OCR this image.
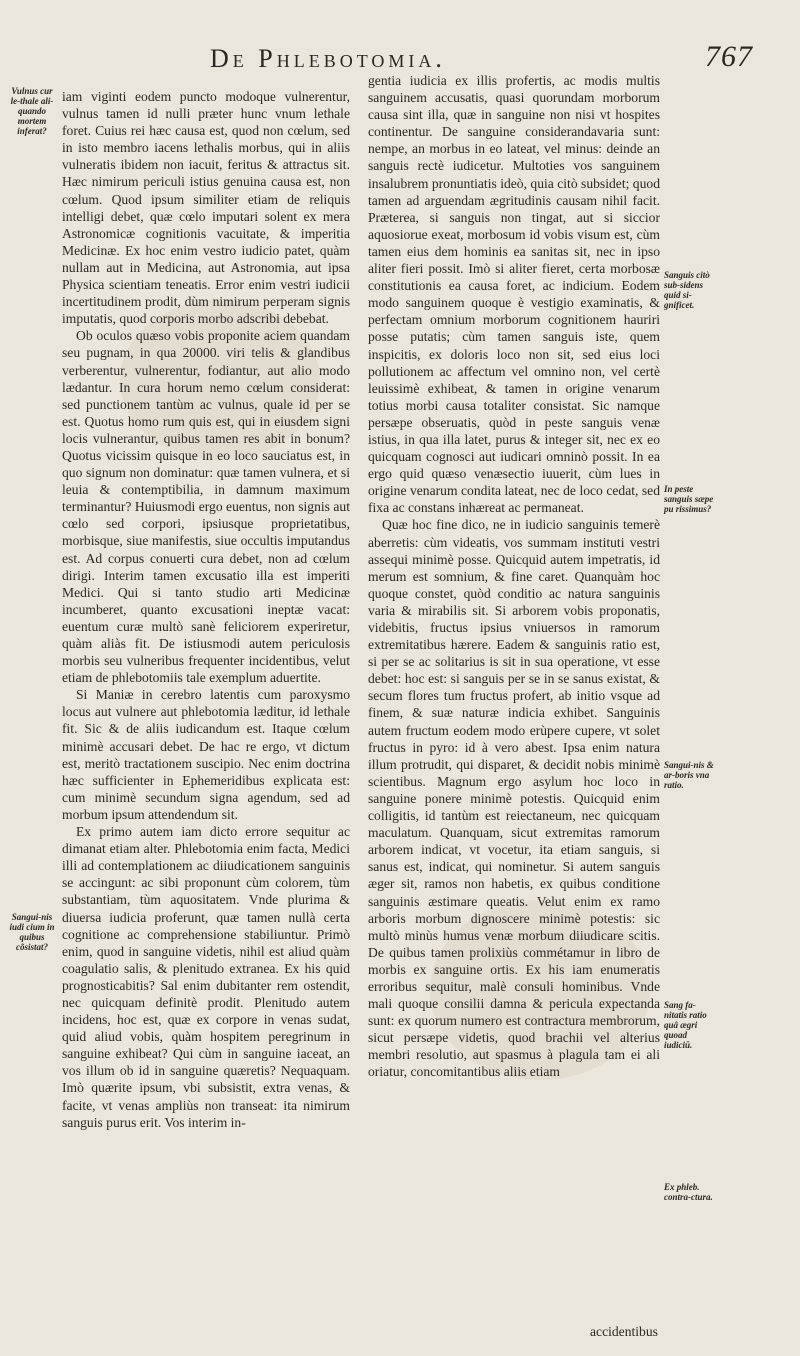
De Phlebotomia.	767
Vulnus cur le-thale ali-quando mortem inferat?
Sangui-nis iudi cium in quibus cõsistat?
Sanguis citò sub-sidens quid si-gnificet.
In peste sanguis sæpe pu rissimus?
Sangui-nis & ar-boris vna ratio.
Sang fa-nitatis ratio quâ ægri quoad iudiciū.
Ex phleb. contra-ctura.

iam viginti eodem puncto modoque vulnerentur, vulnus tamen id nulli præter hunc vnum lethale foret. Cuius rei hæc causa est, quod non cœlum, sed in isto membro iacens lethalis morbus, qui in aliis vulneratis ibidem non iacuit, feritus & attractus sit. Hæc nimirum periculi istius genuina causa est, non cœlum. Quod ipsum similiter etiam de reliquis intelligi debet, quæ cœlo imputari solent ex mera Astronomicæ cognitionis vacuitate, & imperitia Medicinæ. Ex hoc enim vestro iudicio patet, quàm nullam aut in Medicina, aut Astronomia, aut ipsa Physica scientiam teneatis. Error enim vestri iudicii incertitudinem prodit, dùm nimirum perperam signis imputatis, quod corporis morbo adscribi debebat.

Ob oculos quæso vobis proponite aciem quandam seu pugnam, in qua 20000. viri telis & glandibus verberentur, vulnerentur, fodiantur, aut alio modo lædantur. In cura horum nemo cœlum considerat: sed punctionem tantùm ac vulnus, quale id per se est. Quotus homo rum quis est, qui in eiusdem signi locis vulnerantur, quibus tamen res abit in bonum? Quotus vicissim quisque in eo loco sauciatus est, in quo signum non dominatur: quæ tamen vulnera, et si leuia & contemptibilia, in damnum maximum terminantur? Huiusmodi ergo euentus, non signis aut cœlo sed corpori, ipsiusque proprietatibus, morbisque, siue manifestis, siue occultis imputandus est. Ad corpus conuerti cura debet, non ad cœlum dirigi. Interim tamen excusatio illa est imperiti Medici. Qui si tanto studio arti Medicinæ incumberet, quanto excusationi ineptæ vacat: euentum curæ multò sanè feliciorem experiretur, quàm aliàs fit. De istiusmodi autem periculosis morbis seu vulneribus frequenter incidentibus, velut etiam de phlebotomiis tale exemplum aduertite.

Si Maniæ in cerebro latentis cum paroxysmo locus aut vulnere aut phlebotomia læditur, id lethale fit. Sic & de aliis iudicandum est. Itaque cœlum minimè accusari debet. De hac re ergo, vt dictum est, meritò tractationem suscipio. Nec enim doctrina hæc sufficienter in Ephemeridibus explicata est: cum minimè secundum signa agendum, sed ad morbum ipsum attendendum sit.

Ex primo autem iam dicto errore sequitur ac dimanat etiam alter. Phlebotomia enim facta, Medici illi ad contemplationem ac diiudicationem sanguinis se accingunt: ac sibi proponunt cùm colorem, tùm substantiam, tùm aquositatem. Vnde plurima & diuersa iudicia proferunt, quæ tamen nullà certa cognitione ac comprehensione stabiliuntur. Primò enim, quod in sanguine videtis, nihil est aliud quàm coagulatio salis, & plenitudo extranea. Ex his quid prognosticabitis? Sal enim dubitanter rem ostendit, nec quicquam definitè prodit. Plenitudo autem incidens, hoc est, quæ ex corpore in venas sudat, quid aliud vobis, quàm hospitem peregrinum in sanguine exhibeat? Qui cùm in sanguine iaceat, an vos illum ob id in sanguine quæretis? Nequaquam. Imò quærite ipsum, vbi subsistit, extra venas, & facite, vt venas ampliùs non transeat: ita nimirum sanguis purus erit. Vos interim in-

gentia iudicia ex illis profertis, ac modis multis sanguinem accusatis, quasi quorundam morborum causa sint illa, quæ in sanguine non nisi vt hospites continentur. De sanguine considerandavaria sunt: nempe, an morbus in eo lateat, vel minus: deinde an sanguis rectè iudicetur. Multoties vos sanguinem insalubrem pronuntiatis ideò, quia citò subsidet; quod tamen ad arguendam ægritudinis causam nihil facit. Præterea, si sanguis non tingat, aut si siccior aquosiorue exeat, morbosum id vobis visum est, cùm tamen eius dem hominis ea sanitas sit, nec in ipso aliter fieri possit. Imò si aliter fieret, certa morbosæ constitutionis ea causa foret, ac indicium. Eodem modo sanguinem quoque è vestigio examinatis, & perfectam omnium morborum cognitionem hauriri posse putatis; cùm tamen sanguis iste, quem inspicitis, ex doloris loco non sit, sed eius loci pollutionem ac affectum vel omnino non, vel certè leuissimè exhibeat, & tamen in origine venarum totius morbi causa totaliter consistat. Sic namque persæpe obseruatis, quòd in peste sanguis venæ istius, in qua illa latet, purus & integer sit, nec ex eo quicquam cognosci aut iudicari omninò possit. In ea ergo quid quæso venæsectio iuuerit, cùm lues in origine venarum condita lateat, nec de loco cedat, sed fixa ac constans inhæreat ac permaneat.

Quæ hoc fine dico, ne in iudicio sanguinis temerè aberretis: cùm videatis, vos summam instituti vestri assequi minimè posse. Quicquid autem impetratis, id merum est somnium, & fine caret. Quanquàm hoc quoque constet, quòd conditio ac natura sanguinis varia & mirabilis sit. Si arborem vobis proponatis, videbitis, fructus ipsius vniuersos in ramorum extremitatibus hærere. Eadem & sanguinis ratio est, si per se ac solitarius is sit in sua operatione, vt esse debet: hoc est: si sanguis per se in se sanus existat, & secum flores tum fructus profert, ab initio vsque ad finem, & suæ naturæ indicia exhibet. Sanguinis autem fructum eodem modo erùpere cupere, vt solet fructus in pyro: id à vero abest. Ipsa enim natura illum protrudit, qui disparet, & decidit nobis minimè scientibus. Magnum ergo asylum hoc loco in sanguine ponere minimè potestis. Quicquid enim colligitis, id tantùm est reiectaneum, nec quicquam maculatum. Quanquam, sicut extremitas ramorum arborem indicat, vt vocetur, ita etiam sanguis, si sanus est, indicat, qui nominetur. Si autem sanguis æger sit, ramos non habetis, ex quibus conditione sanguinis æstimare queatis. Velut enim ex ramo arboris morbum dignoscere minimè potestis: sic multò minùs humus venæ morbum diiudicare scitis. De quibus tamen prolixiùs commétamur in libro de morbis ex sanguine ortis. Ex his iam enumeratis erroribus sequitur, malè consuli hominibus. Vnde mali quoque consilii damna & pericula expectanda sunt: ex quorum numero est contractura membrorum, sicut persæpe videtis, quod brachii vel alterius membri resolutio, aut spasmus à plagula tam ei ali oriatur, concomitantibus aliis etiam

accidentibus
